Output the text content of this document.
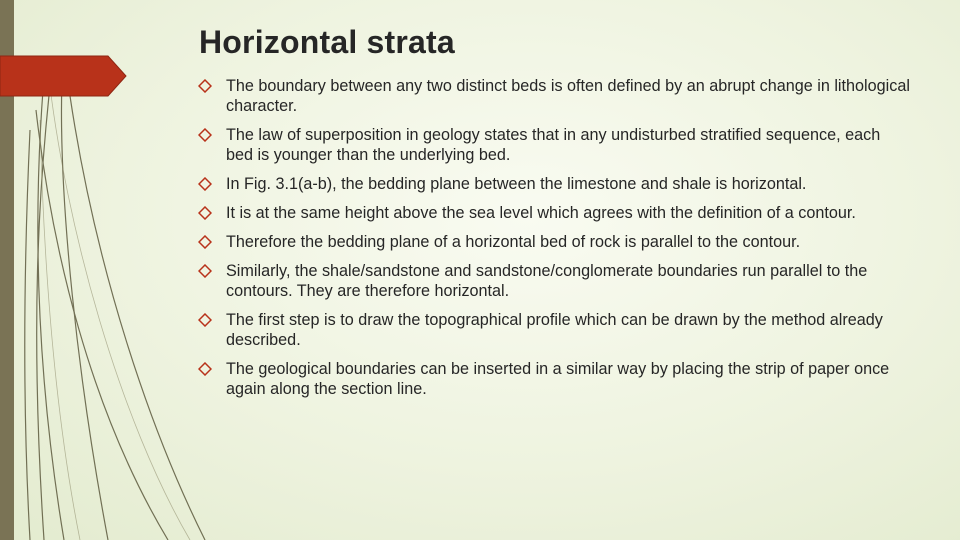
Horizontal strata
The boundary between any two distinct beds is often defined by an abrupt change in lithological character.
The law of superposition in geology states that in any undisturbed stratified sequence, each bed is younger than the underlying bed.
In Fig. 3.1(a-b), the bedding plane between the limestone and shale is horizontal.
It is at the same height above the sea level which agrees with the definition of a contour.
Therefore the bedding plane of a horizontal bed of rock is parallel to the contour.
Similarly, the shale/sandstone and sandstone/conglomerate boundaries run parallel to the contours. They are therefore horizontal.
The first step is to draw the topographical profile which can be drawn by the method already described.
The geological boundaries can be inserted in a similar way by placing the strip of paper once again along the section line.
